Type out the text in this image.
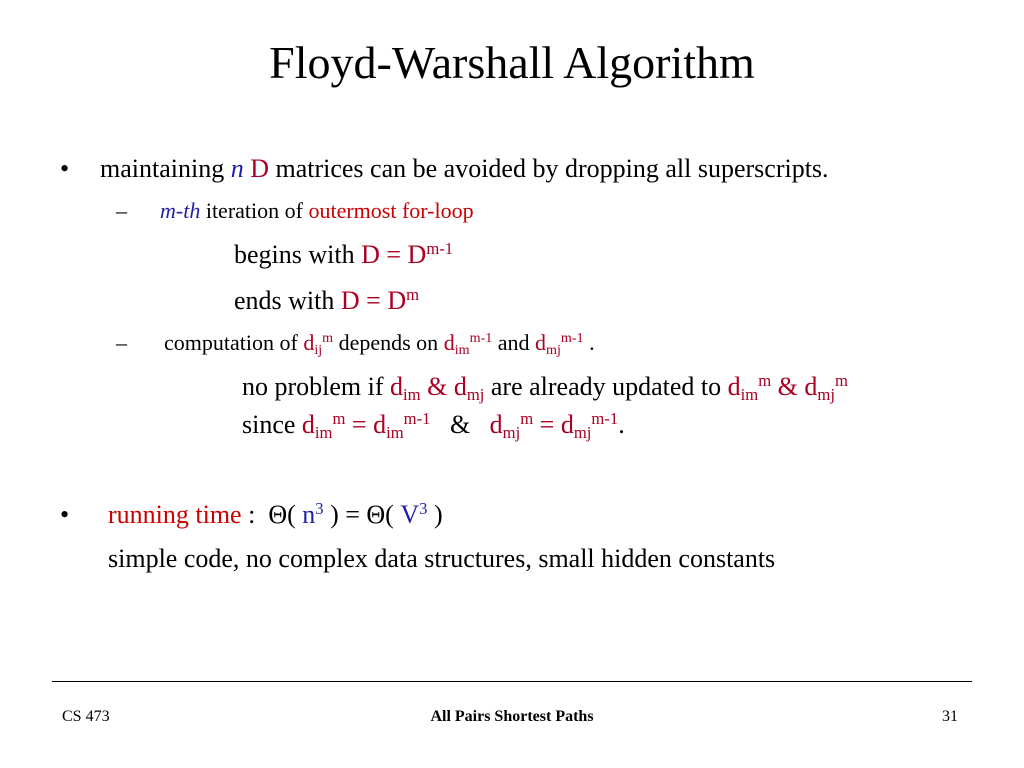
Floyd-Warshall Algorithm
• maintaining n D matrices can be avoided by dropping all superscripts.
– m-th iteration of outermost for-loop
begins with $D = D^{m-1}$
ends with $D = D^m$
– computation of $d_{ij}^m$ depends on $d_{im}^{m-1}$ and $d_{mj}^{m-1}$ .
no problem if $d_{im}$ & $d_{mj}$ are already updated to $d_{im}^m$ & $d_{mj}^m$
since $d_{im}^m = d_{im}^{m-1}$   &   $d_{mj}^m = d_{mj}^{m-1}$.
• running time :  Θ( $n^3$ ) = Θ( $V^3$ )
simple code, no complex data structures, small hidden constants
CS 473	All Pairs Shortest Paths	31
